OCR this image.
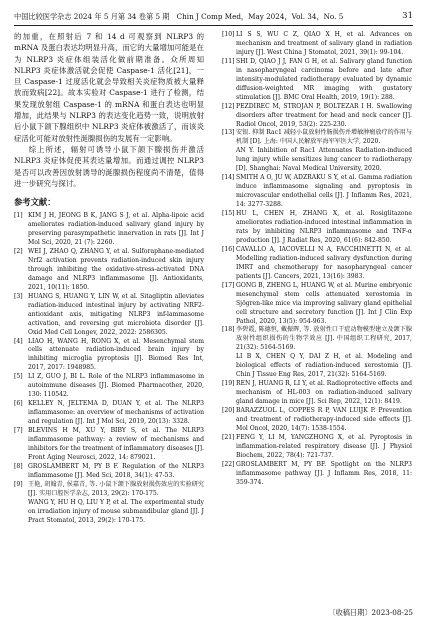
中国比较医学杂志 2024 年 5 月第 34 卷第 5 期　Chin J Comp Med，May 2024，Vol. 34，No. 5	31

的加重，在照射后 7 和 14 d 可观察到 NLRP3 的 mRNA 及蛋白表达均明显升高，而它的大量增加可能是在为 NLRP3 炎症体组装活化做前期准备。众所周知 NLRP3 炎症体激活就会促使 Caspase-1 活化[21]，一旦 Caspase-1 过度活化就会导致相关炎症物质被大量释放而致病[22]。故本实验对 Caspase-1 进行了检测，结果发现放射组 Caspase-1 的 mRNA 和蛋白表达也明显增加，此结果与 NLRP3 的表达变化趋势一致，说明放射后小鼠下颌下腺组织中 NLRP3 炎症体被激活了，而该炎症活化可能对放射性涎腺损伤的发展有一定影响。

综上所述，辐射可诱导小鼠下颌下腺损伤并激活 NLRP3 炎症体促使其表达量增加。而通过调控 NLRP3 是否可以改善因放射诱导的涎腺损伤程度尚不清楚，值得进一步研究与探讨。

参考文献：
[1] KIM J H, JEONG B K, JANG S J, et al. Alpha-lipoic acid ameliorates radiation-induced salivary gland injury by preserving parasympathetic innervation in rats [J]. Int J Mol Sci, 2020, 21 (7): 2260.
[2] WEI J, ZHAO Q, ZHANG Y, et al. Sulforaphane-mediated Nrf2 activation prevents radiation-induced skin injury through inhibiting the oxidative-stress-activated DNA damage and NLRP3 inflammasome [J]. Antioxidants, 2021, 10(11): 1850.
[3] HUANG S, HUANG Y, LIN W, et al. Sitagliptin alleviates radiation-induced intestinal injury by activating NRF2-antioxidant axis, mitigating NLRP3 inf-lammasome activation, and reversing gut microbiota disorder [J]. Oxid Med Cell Longev, 2022, 2022: 2586305.
[4] LIAO H, WANG H, RONG X, et al. Mesenchymal stem cells attenuate radiation-induced brain injury by inhibiting microglia pyroptosis [J]. Biomed Res Int, 2017, 2017: 1948985.
[5] LI Z, GUO J, BI L. Role of the NLRP3 inflammasome in autoimmune diseases [J]. Biomed Pharmacother, 2020, 130: 110542.
[6] KELLEY N, JELTEMA D, DUAN Y, et al. The NLRP3 inflammasome: an overview of mechanisms of activation and regulation [J]. Int J Mol Sci, 2019, 20(13): 3328.
[7] BLEVINS H M, XU Y, BIBY S, et al. The NLRP3 inflammasome pathway: a review of mechanisms and inhibitors for the treatment of inflammatory diseases [J]. Front Aging Neurosci, 2022, 14: 879021.
[8] GROSLAMBERT M, PY B F. Regulation of the NLRP3 inflammasome [J]. Med Sci, 2018, 34(1): 47-53.
[9] 王艳, 胡翰青, 侯嘉青, 等. 小鼠下颌下腺放射损伤效应的实验研究 [J]. 实用口腔医学杂志, 2013, 29(2): 170-175.
WANG Y, HU H Q, LIU Y P, et al. The experimental study on irradiation injury of mouse submandibular gland [J]. J Pract Stomatol, 2013, 29(2): 170-175.
[10] LI S S, WU C Z, QIAO X H, et al. Advances on mechanism and treatment of salivary gland in radiation injury [J]. West China J Stomatol, 2021, 39(1): 99-104.
[11] SHI D, QIAO J J, FAN G H, et al. Salivary gland function in nasopharyngeal carcinoma before and late after intensity-modulated radiotherapy evaluated by dynamic diffusion-weighted MR imaging with gustatory stimulation [J]. BMC Oral Health, 2019, 19(1): 288.
[12] PEZDIREC M, STROJAN P, BOLTEZAR I H. Swallowing disorders after treatment for head and neck cancer [J]. Radiol Oncol, 2019, 53(2): 225-230.
[13] 安银. 抑制 Rac1 减轻小鼠放射性肠损伤并增敏肿瘤放疗的作用与机制 [D]. 上海: 中国人民解放军海军军医大学, 2020.
AN Y. Inhibition of Rac1 Attenuates Radiation-induced lung injury while sensitizes lung cancer to radiotherapy [D]. Shanghai: Naval Medical University, 2020.
[14] SMITH A O, JU W, ADZRAKU S Y, et al. Gamma radiation induce inflammasome signaling and pyroptosis in microvascular endothelial cells [J]. J Inflamm Res, 2021, 14: 3277-3288.
[15] HU L, CHEN H, ZHANG X, et al. Rosiglitazone ameliorates radiation-induced intestinal inflammation in rats by inhibiting NLRP3 inflammasome and TNF-α production [J]. J Radiat Res, 2020, 61(6): 842-850.
[16] CAVALLO A, IACOVELLI N A, FACCHINETTI N, et al. Modelling radiation-induced salivary dysfunction during IMRT and chemotherapy for nasopharyngeal cancer patients [J]. Cancers, 2021, 13(16): 3983.
[17] GONG B, ZHENG L, HUANG W, et al. Murine embryonic mesenchymal stem cells attenuated xerostomia in Sjögren-like mice via improving salivary gland epithelial cell structure and secretory function [J]. Int J Clin Exp Pathol, 2020, 13(5): 954-963.
[18] 李碧霞, 陈德恒, 戴振晖, 等. 放射性口干症动物模型建立及颌下腺放射性组织损伤的生物学效应 [J]. 中国组织工程研究, 2017, 21(32): 5164-5169.
LI B X, CHEN Q Y, DAI Z H, et al. Modeling and biological effects of radiation-induced xerostomia [J]. Chin J Tissue Eng Res, 2017, 21(32): 5164-5169.
[19] REN J, HUANG R, LI Y, et al. Radioprotective effects and mechanism of HL-003 on radiation-induced salivary gland damage in mice [J]. Sci Rep, 2022, 12(1): 8419.
[20] BARAZZUOL L, COPPES R P, VAN LUIJK P. Prevention and treatment of radiotherapy-induced side effects [J]. Mol Oncol, 2020, 14(7): 1538-1554.
[21] FENG Y, LI M, YANGZHONG X, et al. Pyroptosis in inflammation-related respiratory disease [J]. J Physiol Biochem, 2022, 78(4): 721-737.
[22] GROSLAMBERT M, PY BF. Spotlight on the NLRP3 inflammasome pathway [J]. J Inflamm Res, 2018, 11: 359-374.
〔收稿日期〕2023-08-25
